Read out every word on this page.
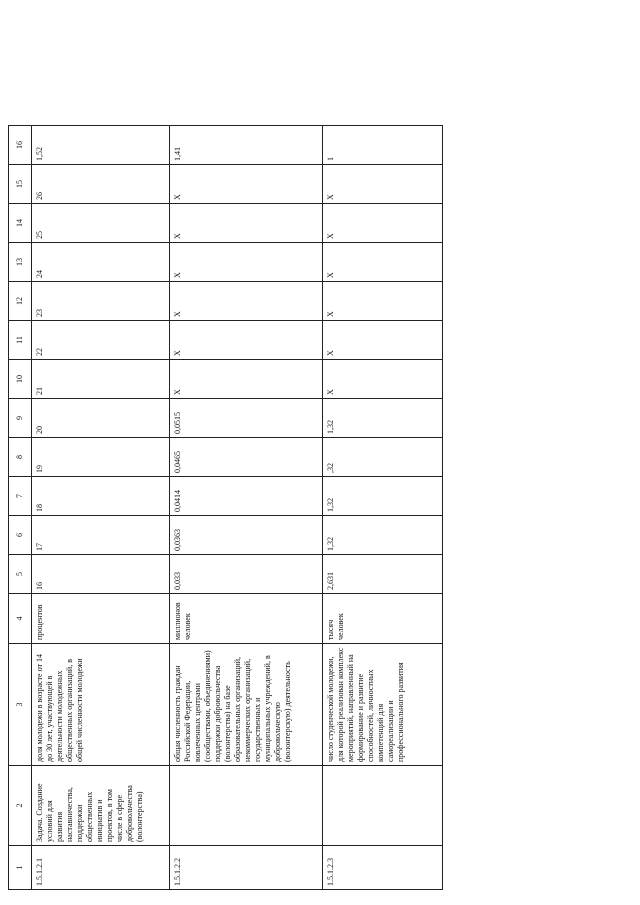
1	2	3	4	5	6	7	8	9	10	11	12	13	14	15	16
1.5.1.2.1	Задача. Создание условий для развития наставничества, поддержки общественных инициатив и проектов, в том числе в сфере добровольчества (волонтерства)	доля молодежи в возрасте от 14 до 30 лет, участвующей в деятельности молодежных общественных организаций, в общей численности молодежи	процентов	16	17	18	19	20	21	22	23	24	25	26	1,52
1.5.1.2.2		общая численность граждан Российской Федерации, вовлеченных центрами (сообществами, объединениями) поддержки добровольчества (волонтерства) на базе образовательных организаций, некоммерческих организаций, государственных и муниципальных учреждений, в добровольческую (волонтерскую) деятельность	миллионов человек	0,033	0,0363	0,0414	0,0465	0,0515	X	X	X	X	X	X	1,41
1.5.1.2.3		число студенческой молодежи, для которой реализован комплекс мероприятий, направленный на формирование и развитие способностей, личностных компетенций для самореализации и профессионального развития	тысяч человек	2,631	1,32	1,32	,32	1,32	X	X	X	X	X	X	1
